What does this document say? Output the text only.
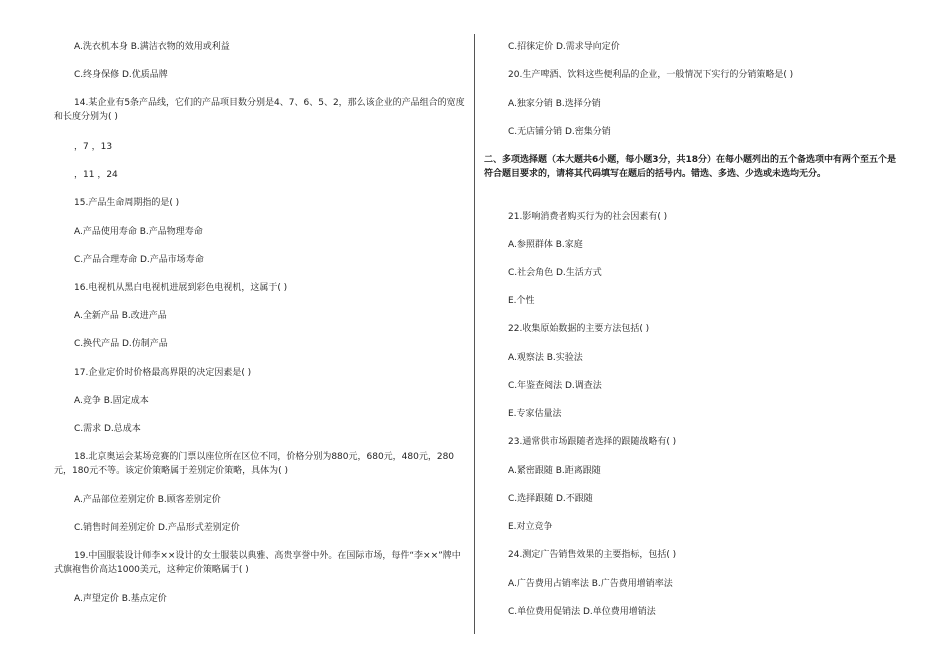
A.洗衣机本身 B.满洁衣物的效用或利益
C.终身保修 D.优质品牌
14.某企业有5条产品线，它们的产品项目数分别是4、7、6、5、2，那么该企业的产品组合的宽度和长度分别为( )
，7 ，13
，11 ，24
15.产品生命周期指的是( )
A.产品使用寿命 B.产品物理寿命
C.产品合理寿命 D.产品市场寿命
16.电视机从黑白电视机进展到彩色电视机，这属于( )
A.全新产品 B.改进产品
C.换代产品 D.仿制产品
17.企业定价时价格最高界限的决定因素是( )
A.竞争 B.固定成本
C.需求 D.总成本
18.北京奥运会某场竞赛的门票以座位所在区位不同，价格分别为880元，680元，480元，280元，180元不等。该定价策略属于差别定价策略，具体为( )
A.产品部位差别定价 B.顾客差别定价
C.销售时间差别定价 D.产品形式差别定价
19.中国服装设计师李××设计的女士服装以典雅、高贵享誉中外。在国际市场，每件“李××”牌中式旗袍售价高达1000美元，这种定价策略属于( )
A.声望定价 B.基点定价
C.招徕定价 D.需求导向定价
20.生产啤酒、饮料这些便利品的企业，一般情况下实行的分销策略是( )
A.独家分销 B.选择分销
C.无店铺分销 D.密集分销
二、多项选择题（本大题共6小题，每小题3分，共18分）在每小题列出的五个备选项中有两个至五个是符合题目要求的，请将其代码填写在题后的括号内。错选、多选、少选或未选均无分。
21.影响消费者购买行为的社会因素有( )
A.参照群体 B.家庭
C.社会角色 D.生活方式
E.个性
22.收集原始数据的主要方法包括( )
A.观察法 B.实验法
C.年鉴查阅法 D.调查法
E.专家估量法
23.通常供市场跟随者选择的跟随战略有( )
A.紧密跟随 B.距离跟随
C.选择跟随 D.不跟随
E.对立竞争
24.测定广告销售效果的主要指标，包括( )
A.广告费用占销率法 B.广告费用增销率法
C.单位费用促销法 D.单位费用增销法
